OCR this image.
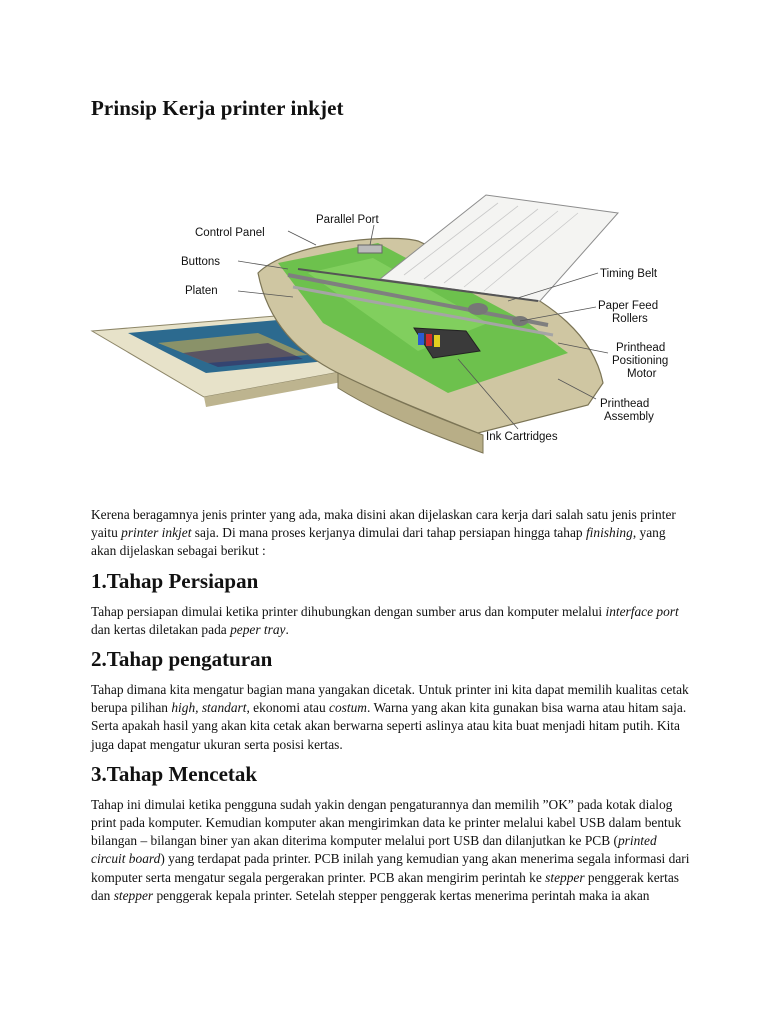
Prinsip Kerja printer inkjet
Parallel Port
Control Panel
Buttons
Platen
Timing Belt
Paper Feed
Rollers
Printhead
Positioning
Motor
Printhead
Assembly
Ink Cartridges

Kerena beragamnya jenis printer yang ada, maka disini akan dijelaskan cara kerja dari salah satu jenis printer yaitu printer inkjet saja. Di mana proses kerjanya dimulai dari tahap persiapan hingga tahap finishing, yang akan dijelaskan sebagai berikut :

1.Tahap Persiapan

Tahap persiapan dimulai ketika printer dihubungkan dengan sumber arus dan komputer melalui interface port dan kertas diletakan pada peper tray.

2.Tahap pengaturan

Tahap dimana kita mengatur bagian mana yangakan dicetak. Untuk printer ini kita dapat memilih kualitas cetak berupa pilihan high, standart, ekonomi atau costum. Warna yang akan kita gunakan bisa warna atau hitam saja. Serta apakah hasil yang akan kita cetak akan berwarna seperti aslinya atau kita buat menjadi hitam putih. Kita juga dapat mengatur ukuran serta posisi kertas.

3.Tahap Mencetak

Tahap ini dimulai ketika pengguna sudah yakin dengan pengaturannya dan memilih ”OK” pada kotak dialog print pada komputer. Kemudian komputer akan mengirimkan data ke printer melalui kabel USB dalam bentuk bilangan – bilangan biner yan akan diterima komputer melalui port USB dan dilanjutkan ke PCB (printed circuit board) yang terdapat pada printer. PCB inilah yang kemudian yang akan menerima segala informasi dari komputer serta mengatur segala pergerakan printer. PCB akan mengirim perintah ke stepper penggerak kertas dan stepper penggerak kepala printer. Setelah stepper penggerak kertas menerima perintah maka ia akan
